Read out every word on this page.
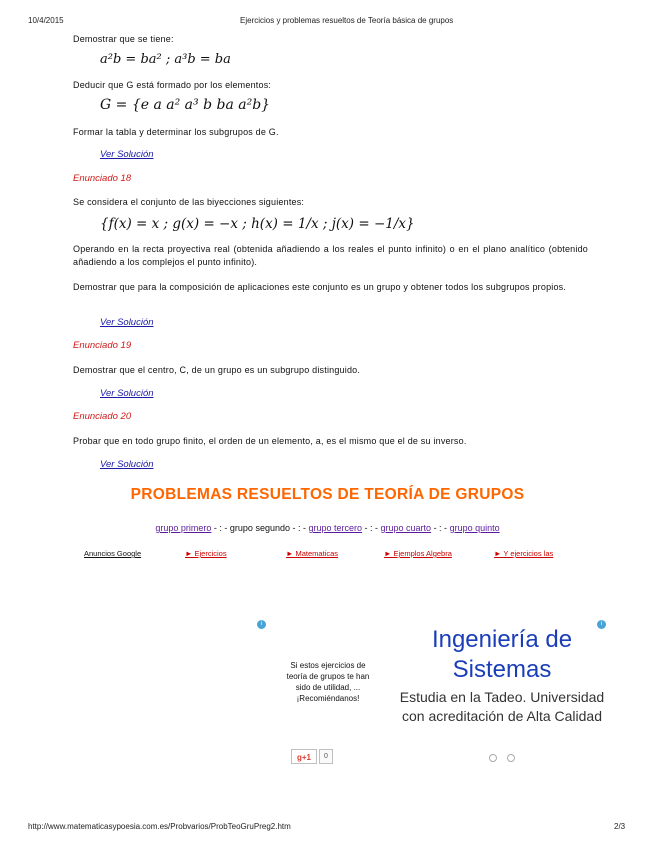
10/4/2015	Ejercicios y problemas resueltos de Teoría básica de grupos
Demostrar que se tiene:
a²b = ba² ; a³b = ba
Deducir que G está formado por los elementos:
G = {e a a² a³ b ba a²b}
Formar la tabla y determinar los subgrupos de G.
Ver Solución
Enunciado 18
Se considera el conjunto de las biyecciones siguientes:
{f(x) = x ; g(x) = −x ; h(x) = 1/x ; j(x) = −1/x}
Operando en la recta proyectiva real (obtenida añadiendo a los reales el punto infinito) o en el plano analítico (obtenido añadiendo a los complejos el punto infinito).
Demostrar que para la composición de aplicaciones este conjunto es un grupo y obtener todos los subgrupos propios.
Ver Solución
Enunciado 19
Demostrar que el centro, C, de un grupo es un subgrupo distinguido.
Ver Solución
Enunciado 20
Probar que en todo grupo finito, el orden de un elemento, a, es el mismo que el de su inverso.
Ver Solución
PROBLEMAS RESUELTOS DE TEORÍA DE GRUPOS
grupo primero - : - grupo segundo - : - grupo tercero - : - grupo cuarto - : - grupo quinto
Anuncios Google	► Ejercicios	► Matematicas	► Ejemplos Algebra	► Y ejercicios las
i	i
Si estos ejercicios de teoría de grupos te han sido de utilidad, ... ¡Recomiéndanos!
g+1	0
Ingeniería de Sistemas
Estudia en la Tadeo. Universidad con acreditación de Alta Calidad
http://www.matematicasypoesia.com.es/Probvarios/ProbTeoGruPreg2.htm	2/3
